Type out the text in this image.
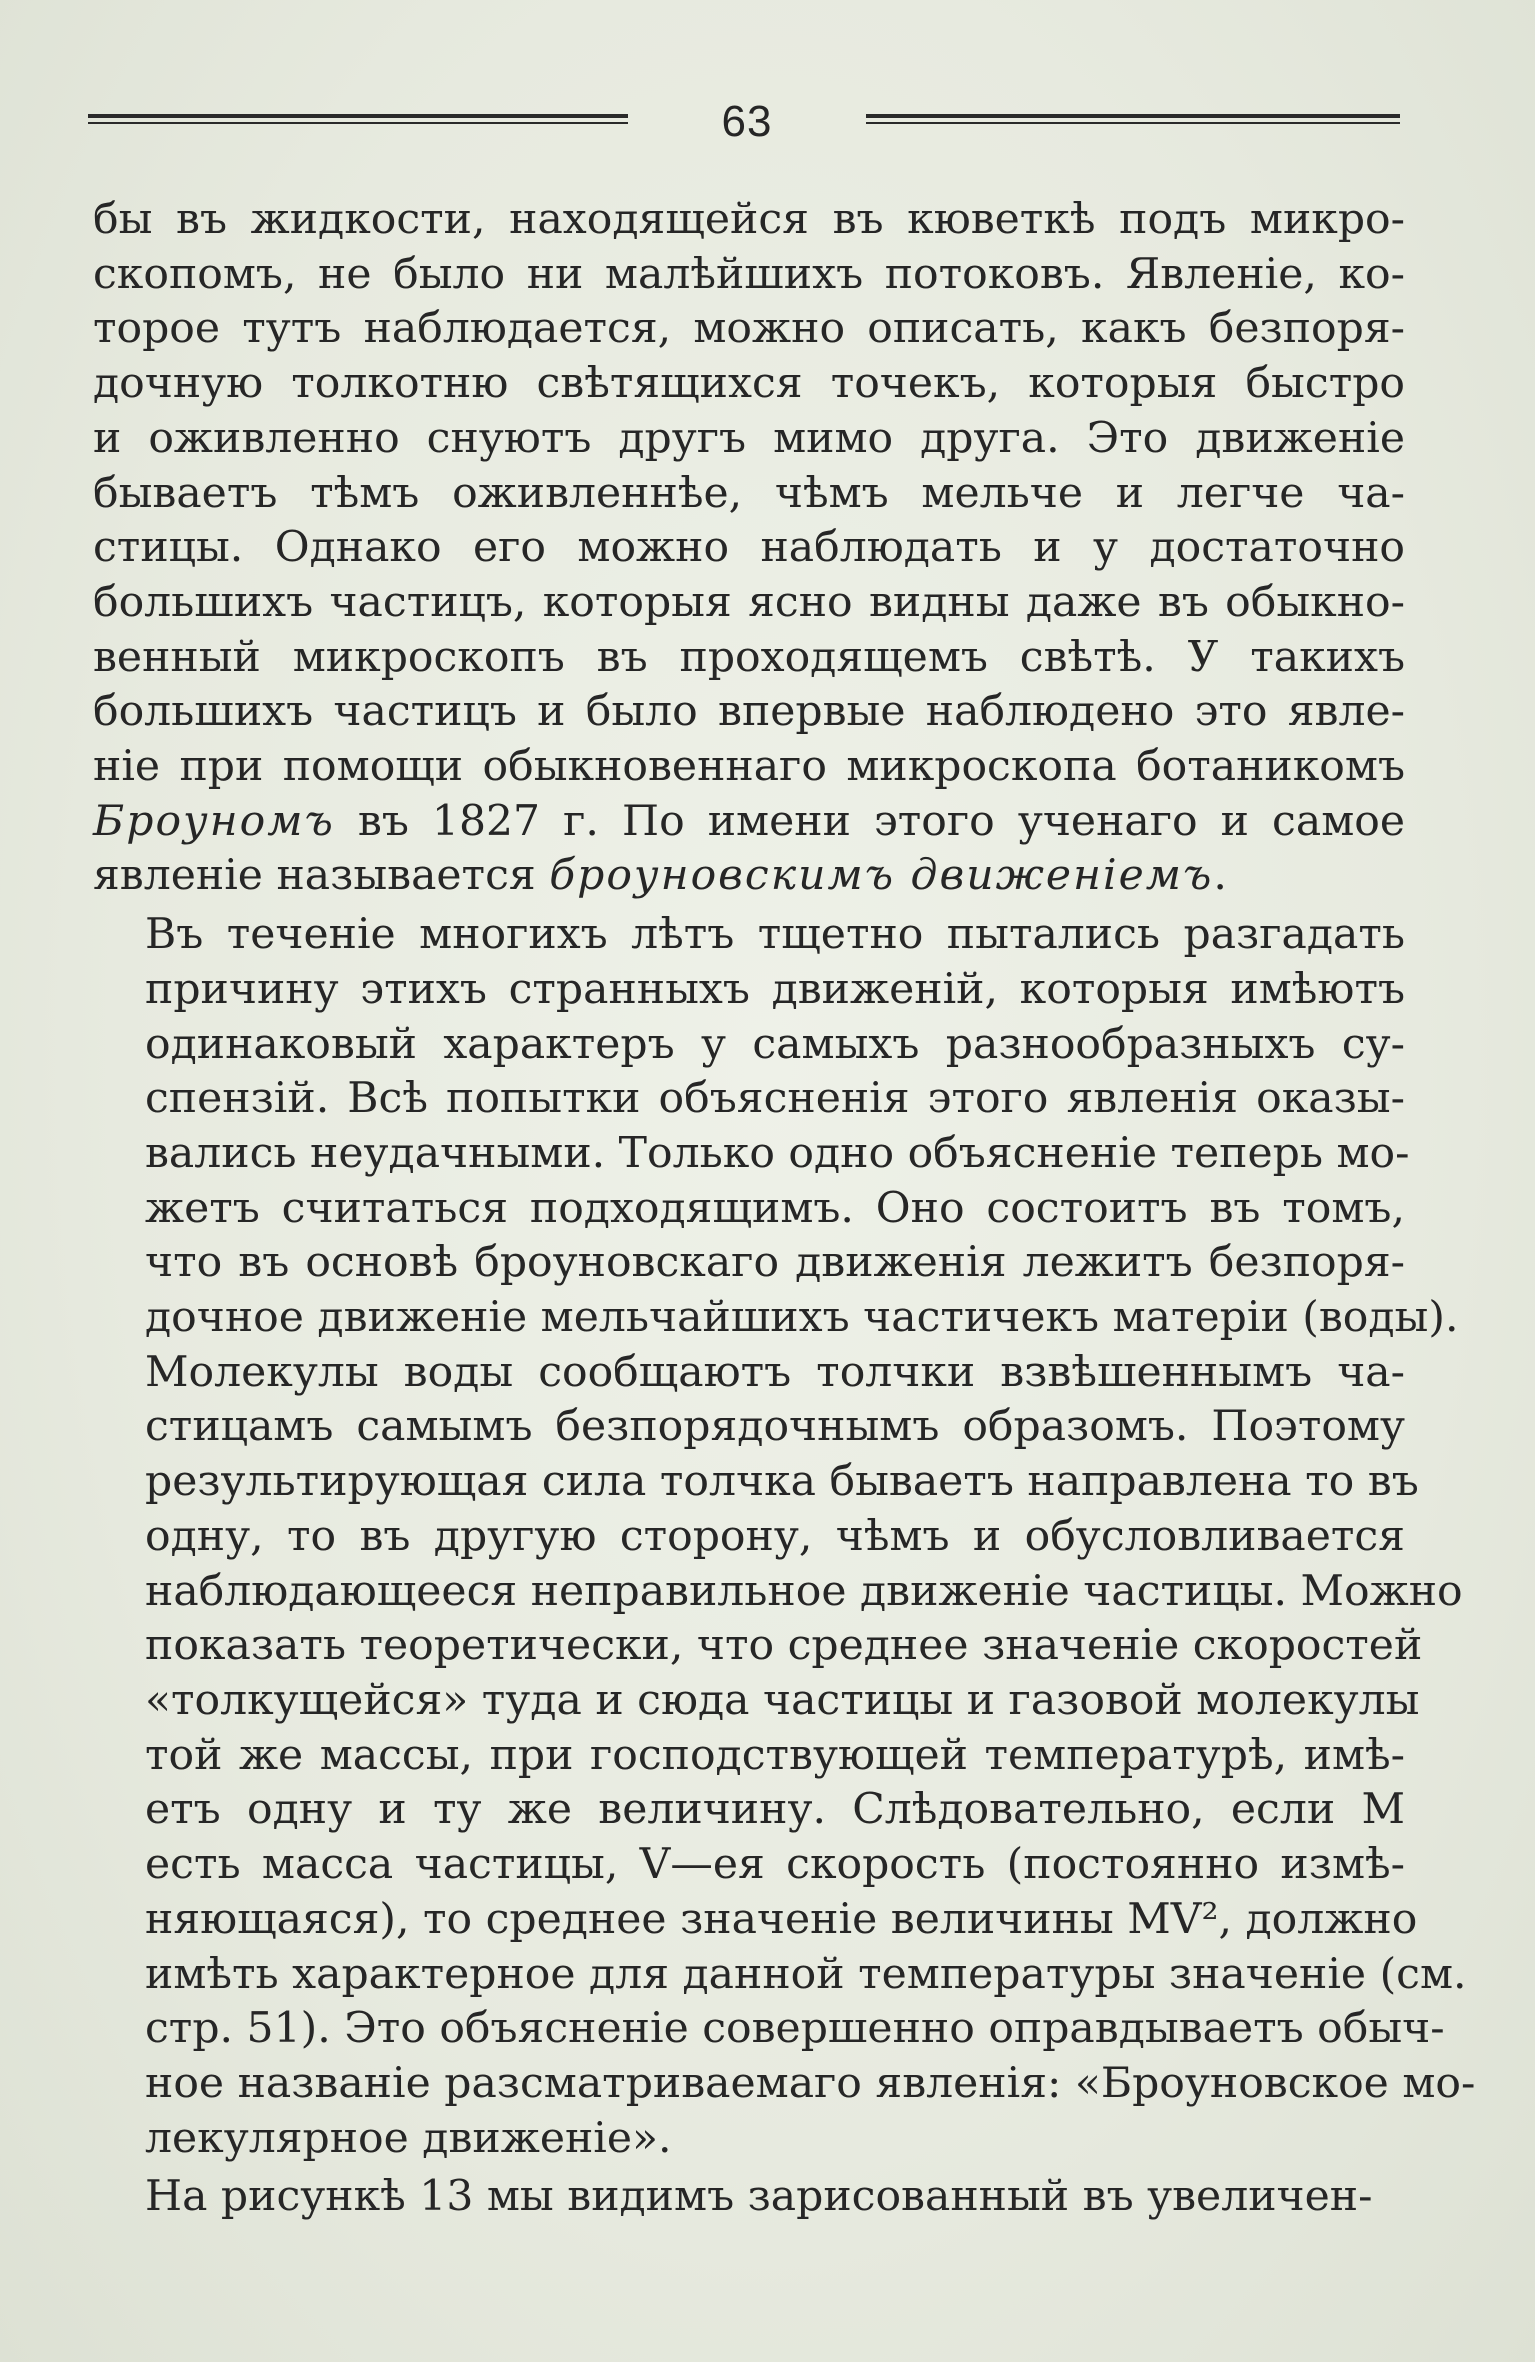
63

бы въ жидкости, находящейся въ кюветкѣ подъ микро-
скопомъ, не было ни малѣйшихъ потоковъ. Явленіе, ко-
торое тутъ наблюдается, можно описать, какъ безпоря-
дочную толкотню свѣтящихся точекъ, которыя быстро
и оживленно снуютъ другъ мимо друга. Это движеніе
бываетъ тѣмъ оживленнѣе, чѣмъ мельче и легче ча-
стицы. Однако его можно наблюдать и у достаточно
большихъ частицъ, которыя ясно видны даже въ обыкно-
венный микроскопъ въ проходящемъ свѣтѣ. У такихъ
большихъ частицъ и было впервые наблюдено это явле-
ніе при помощи обыкновеннаго микроскопа ботаникомъ
Броуномъ въ 1827 г. По имени этого ученаго и самое
явленіе называется броуновскимъ движеніемъ.

Въ теченіе многихъ лѣтъ тщетно пытались разгадать
причину этихъ странныхъ движеній, которыя имѣютъ
одинаковый характеръ у самыхъ разнообразныхъ су-
спензій. Всѣ попытки объясненія этого явленія оказы-
вались неудачными. Только одно объясненіе теперь мо-
жетъ считаться подходящимъ. Оно состоитъ въ томъ,
что въ основѣ броуновскаго движенія лежитъ безпоря-
дочное движеніе мельчайшихъ частичекъ матеріи (воды).
Молекулы воды сообщаютъ толчки взвѣшеннымъ ча-
стицамъ самымъ безпорядочнымъ образомъ. Поэтому
результирующая сила толчка бываетъ направлена то въ
одну, то въ другую сторону, чѣмъ и обусловливается
наблюдающееся неправильное движеніе частицы. Можно
показать теоретически, что среднее значеніе скоростей
«толкущейся» туда и сюда частицы и газовой молекулы
той же массы, при господствующей температурѣ, имѣ-
етъ одну и ту же величину. Слѣдовательно, если М
есть масса частицы, V—ея скорость (постоянно измѣ-
няющаяся), то среднее значеніе величины MV², должно
имѣть характерное для данной температуры значеніе (см.
стр. 51). Это объясненіе совершенно оправдываетъ обыч-
ное названіе разсматриваемаго явленія: «Броуновское мо-
лекулярное движеніе».

На рисункѣ 13 мы видимъ зарисованный въ увеличен-
